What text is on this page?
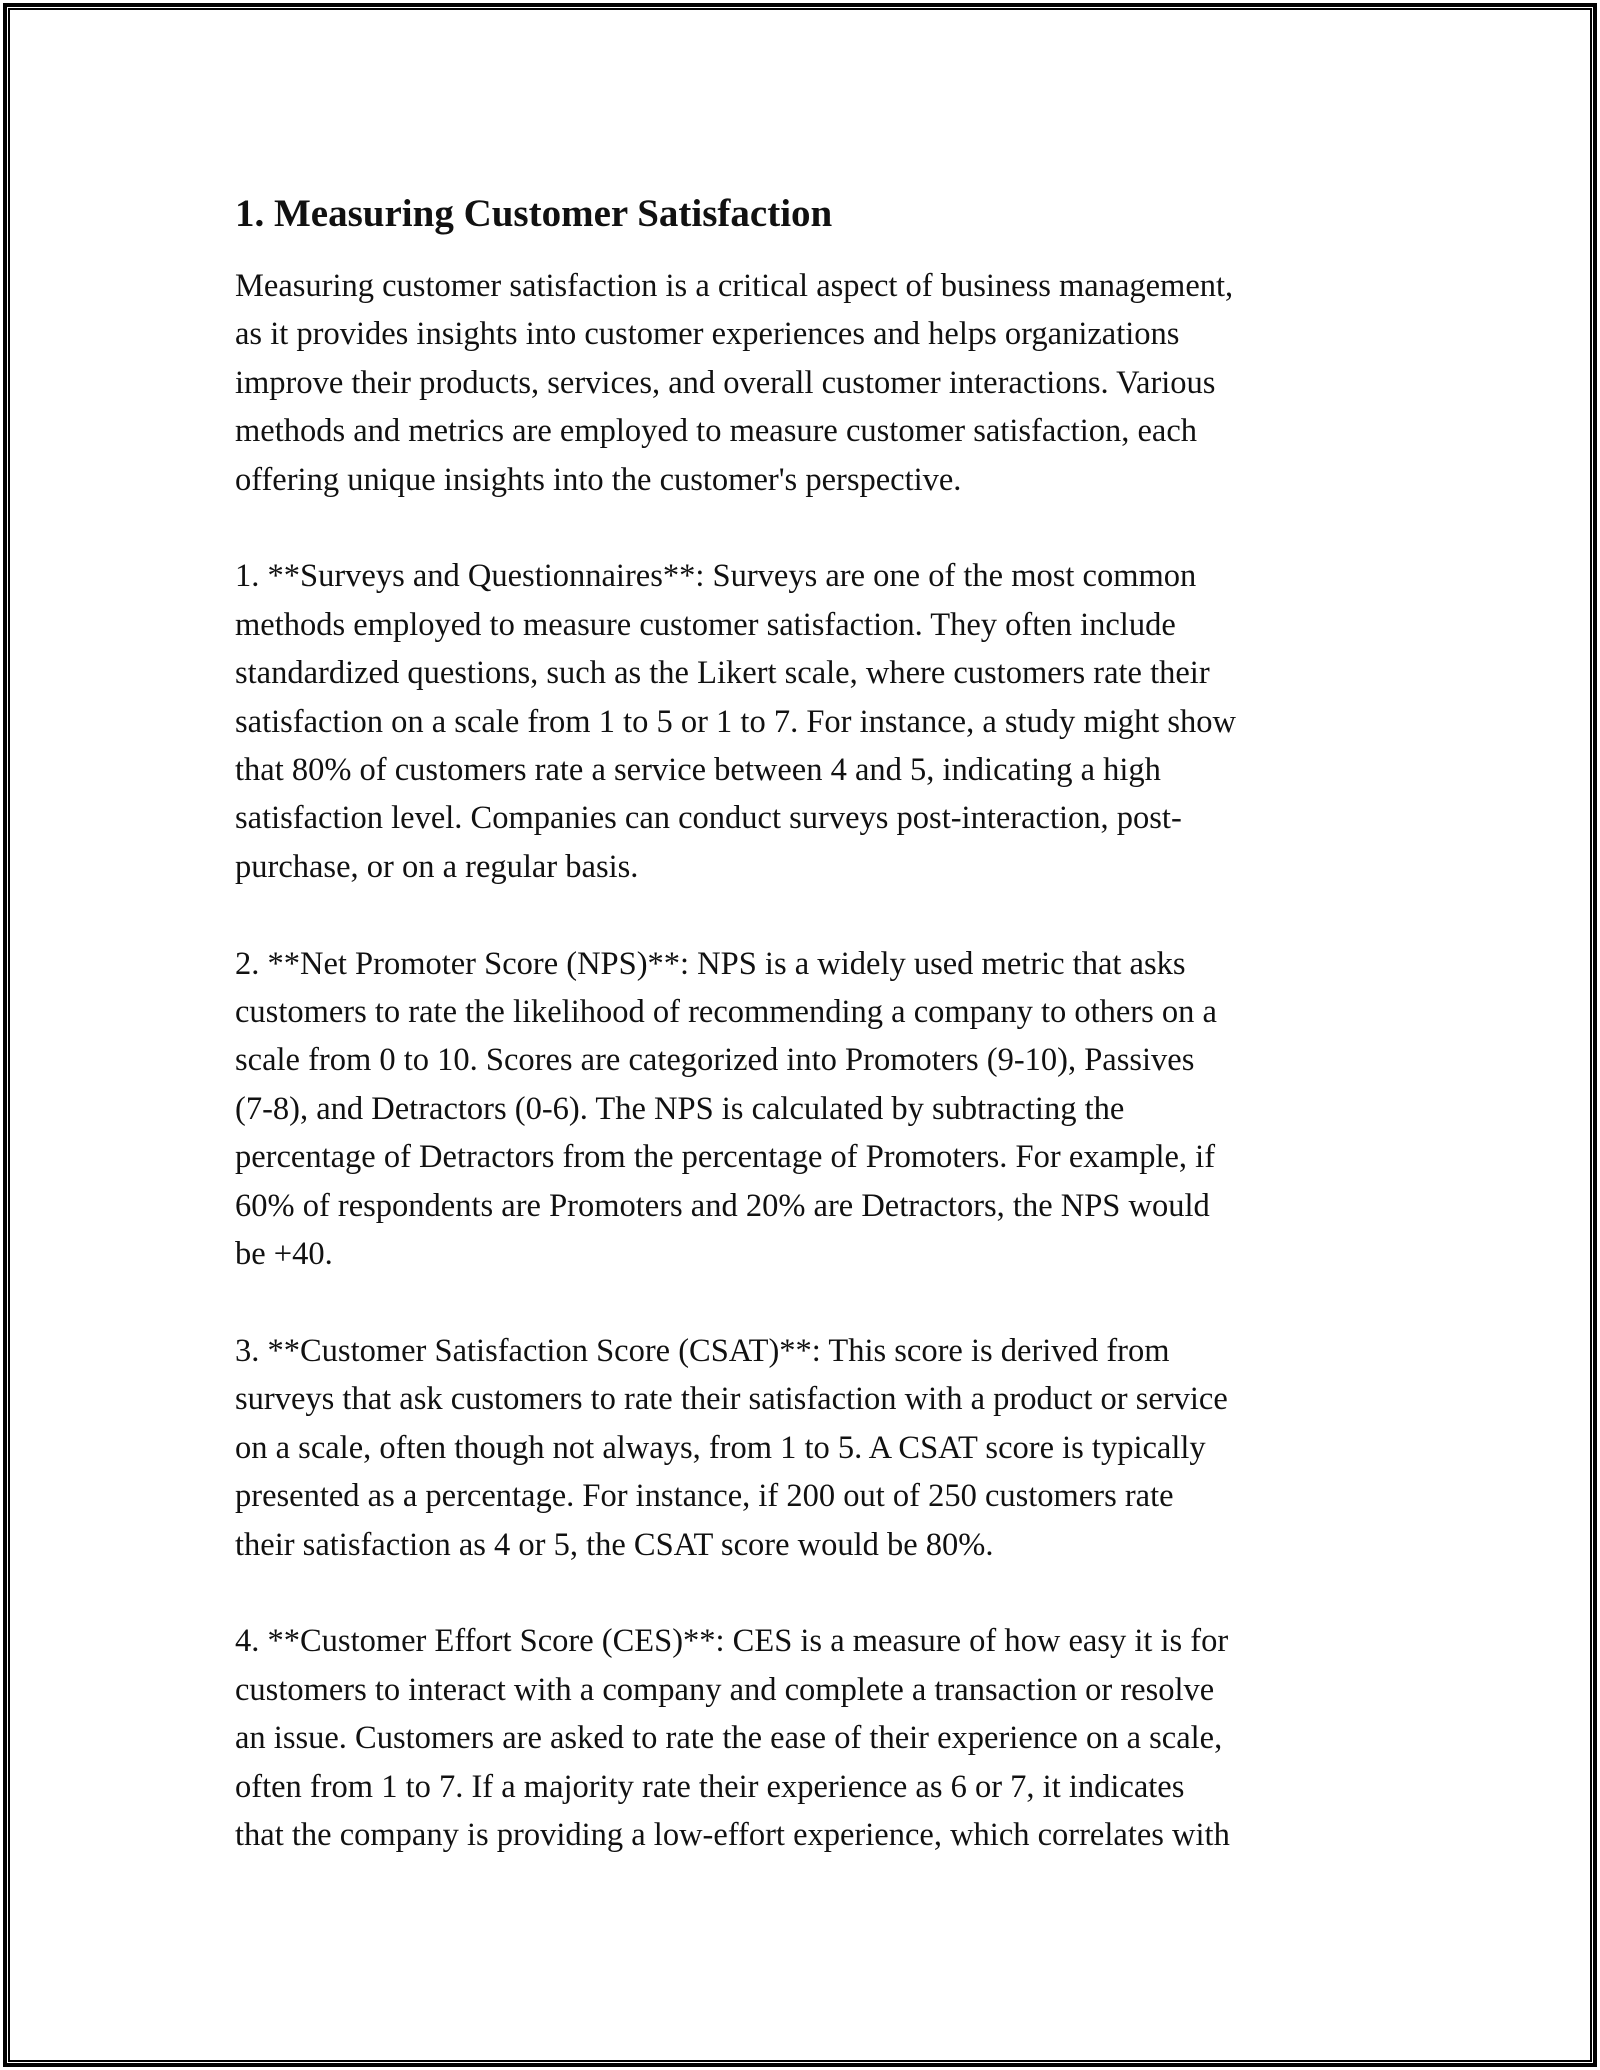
1. Measuring Customer Satisfaction

Measuring customer satisfaction is a critical aspect of business management,
as it provides insights into customer experiences and helps organizations
improve their products, services, and overall customer interactions. Various
methods and metrics are employed to measure customer satisfaction, each
offering unique insights into the customer's perspective.

1. **Surveys and Questionnaires**: Surveys are one of the most common
methods employed to measure customer satisfaction. They often include
standardized questions, such as the Likert scale, where customers rate their
satisfaction on a scale from 1 to 5 or 1 to 7. For instance, a study might show
that 80% of customers rate a service between 4 and 5, indicating a high
satisfaction level. Companies can conduct surveys post-interaction, post-
purchase, or on a regular basis.

2. **Net Promoter Score (NPS)**: NPS is a widely used metric that asks
customers to rate the likelihood of recommending a company to others on a
scale from 0 to 10. Scores are categorized into Promoters (9-10), Passives
(7-8), and Detractors (0-6). The NPS is calculated by subtracting the
percentage of Detractors from the percentage of Promoters. For example, if
60% of respondents are Promoters and 20% are Detractors, the NPS would
be +40.

3. **Customer Satisfaction Score (CSAT)**: This score is derived from
surveys that ask customers to rate their satisfaction with a product or service
on a scale, often though not always, from 1 to 5. A CSAT score is typically
presented as a percentage. For instance, if 200 out of 250 customers rate
their satisfaction as 4 or 5, the CSAT score would be 80%.

4. **Customer Effort Score (CES)**: CES is a measure of how easy it is for
customers to interact with a company and complete a transaction or resolve
an issue. Customers are asked to rate the ease of their experience on a scale,
often from 1 to 7. If a majority rate their experience as 6 or 7, it indicates
that the company is providing a low-effort experience, which correlates with
